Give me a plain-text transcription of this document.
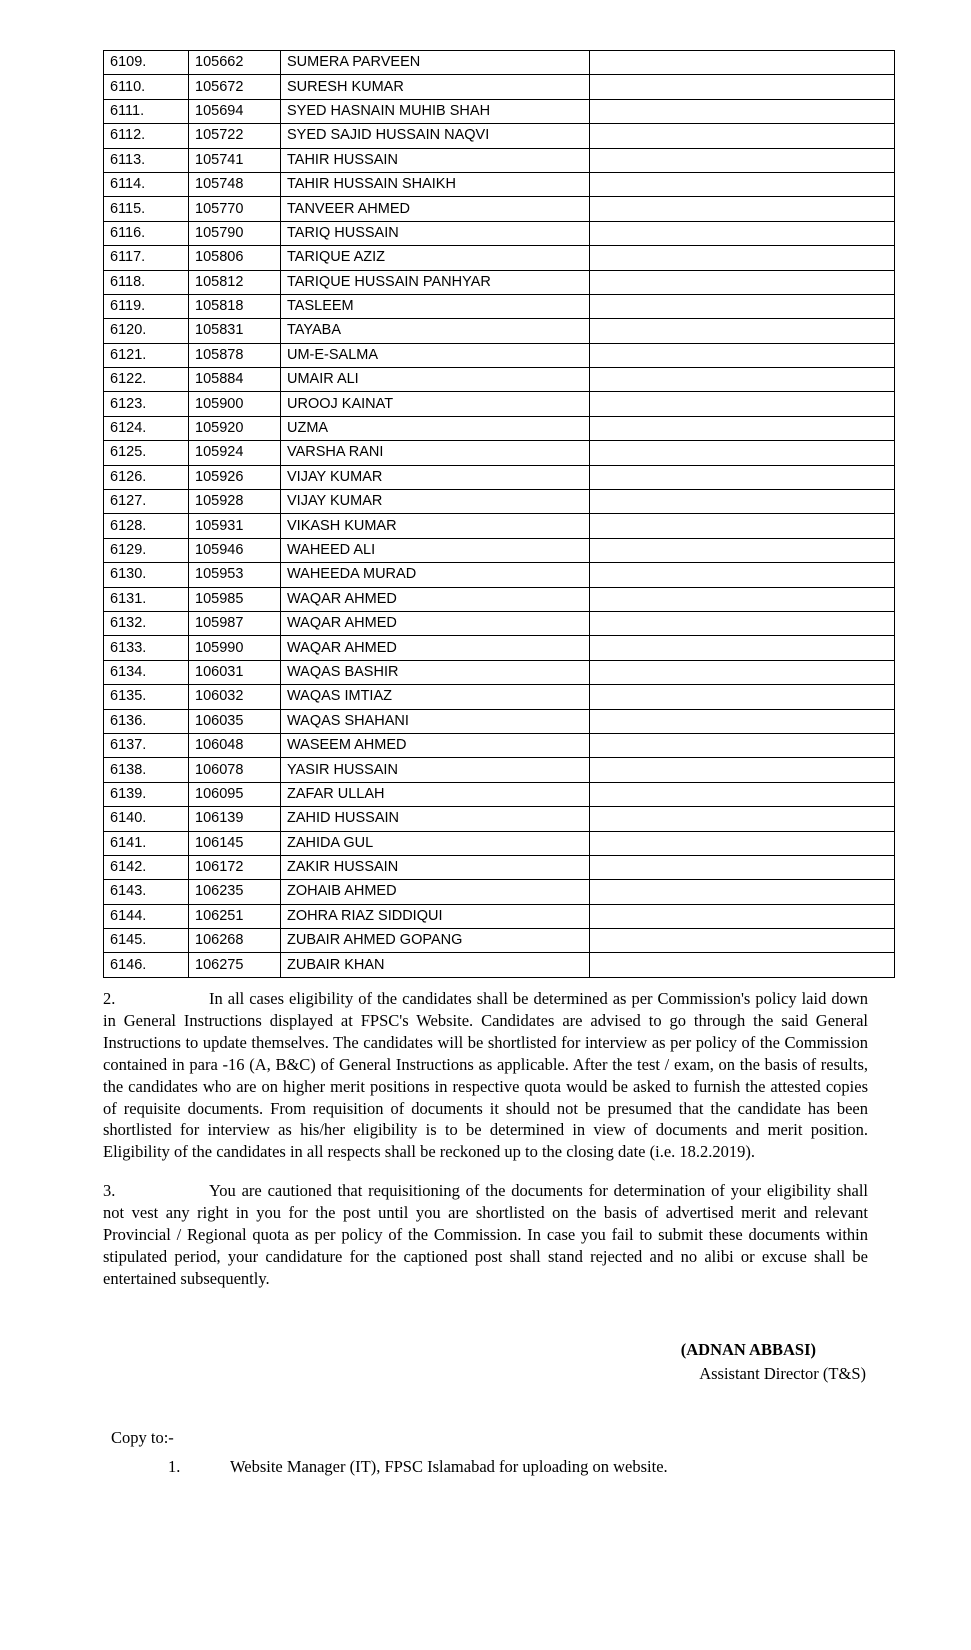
6109.	105662	SUMERA PARVEEN	
6110.	105672	SURESH KUMAR	
6111.	105694	SYED HASNAIN MUHIB SHAH	
6112.	105722	SYED SAJID HUSSAIN NAQVI	
6113.	105741	TAHIR HUSSAIN	
6114.	105748	TAHIR HUSSAIN SHAIKH	
6115.	105770	TANVEER AHMED	
6116.	105790	TARIQ HUSSAIN	
6117.	105806	TARIQUE AZIZ	
6118.	105812	TARIQUE HUSSAIN PANHYAR	
6119.	105818	TASLEEM	
6120.	105831	TAYABA	
6121.	105878	UM-E-SALMA	
6122.	105884	UMAIR ALI	
6123.	105900	UROOJ KAINAT	
6124.	105920	UZMA	
6125.	105924	VARSHA RANI	
6126.	105926	VIJAY KUMAR	
6127.	105928	VIJAY KUMAR	
6128.	105931	VIKASH KUMAR	
6129.	105946	WAHEED ALI	
6130.	105953	WAHEEDA MURAD	
6131.	105985	WAQAR AHMED	
6132.	105987	WAQAR AHMED	
6133.	105990	WAQAR AHMED	
6134.	106031	WAQAS BASHIR	
6135.	106032	WAQAS IMTIAZ	
6136.	106035	WAQAS SHAHANI	
6137.	106048	WASEEM AHMED	
6138.	106078	YASIR HUSSAIN	
6139.	106095	ZAFAR ULLAH	
6140.	106139	ZAHID HUSSAIN	
6141.	106145	ZAHIDA GUL	
6142.	106172	ZAKIR HUSSAIN	
6143.	106235	ZOHAIB AHMED	
6144.	106251	ZOHRA RIAZ SIDDIQUI	
6145.	106268	ZUBAIR AHMED GOPANG	
6146.	106275	ZUBAIR KHAN	

2.	In all cases eligibility of the candidates shall be determined as per Commission's policy laid down in General Instructions displayed at FPSC's Website. Candidates are advised to go through the said General Instructions to update themselves. The candidates will be shortlisted for interview as per policy of the Commission contained in para -16 (A, B&C) of General Instructions as applicable. After the test / exam, on the basis of results, the candidates who are on higher merit positions in respective quota would be asked to furnish the attested copies of requisite documents. From requisition of documents it should not be presumed that the candidate has been shortlisted for interview as his/her eligibility is to be determined in view of documents and merit position. Eligibility of the candidates in all respects shall be reckoned up to the closing date (i.e. 18.2.2019).

3.	You are cautioned that requisitioning of the documents for determination of your eligibility shall not vest any right in you for the post until you are shortlisted on the basis of advertised merit and relevant Provincial / Regional quota as per policy of the Commission. In case you fail to submit these documents within stipulated period, your candidature for the captioned post shall stand rejected and no alibi or excuse shall be entertained subsequently.

(ADNAN ABBASI)
Assistant Director (T&S)
Copy to:-
1.	Website Manager (IT), FPSC Islamabad for uploading on website.
